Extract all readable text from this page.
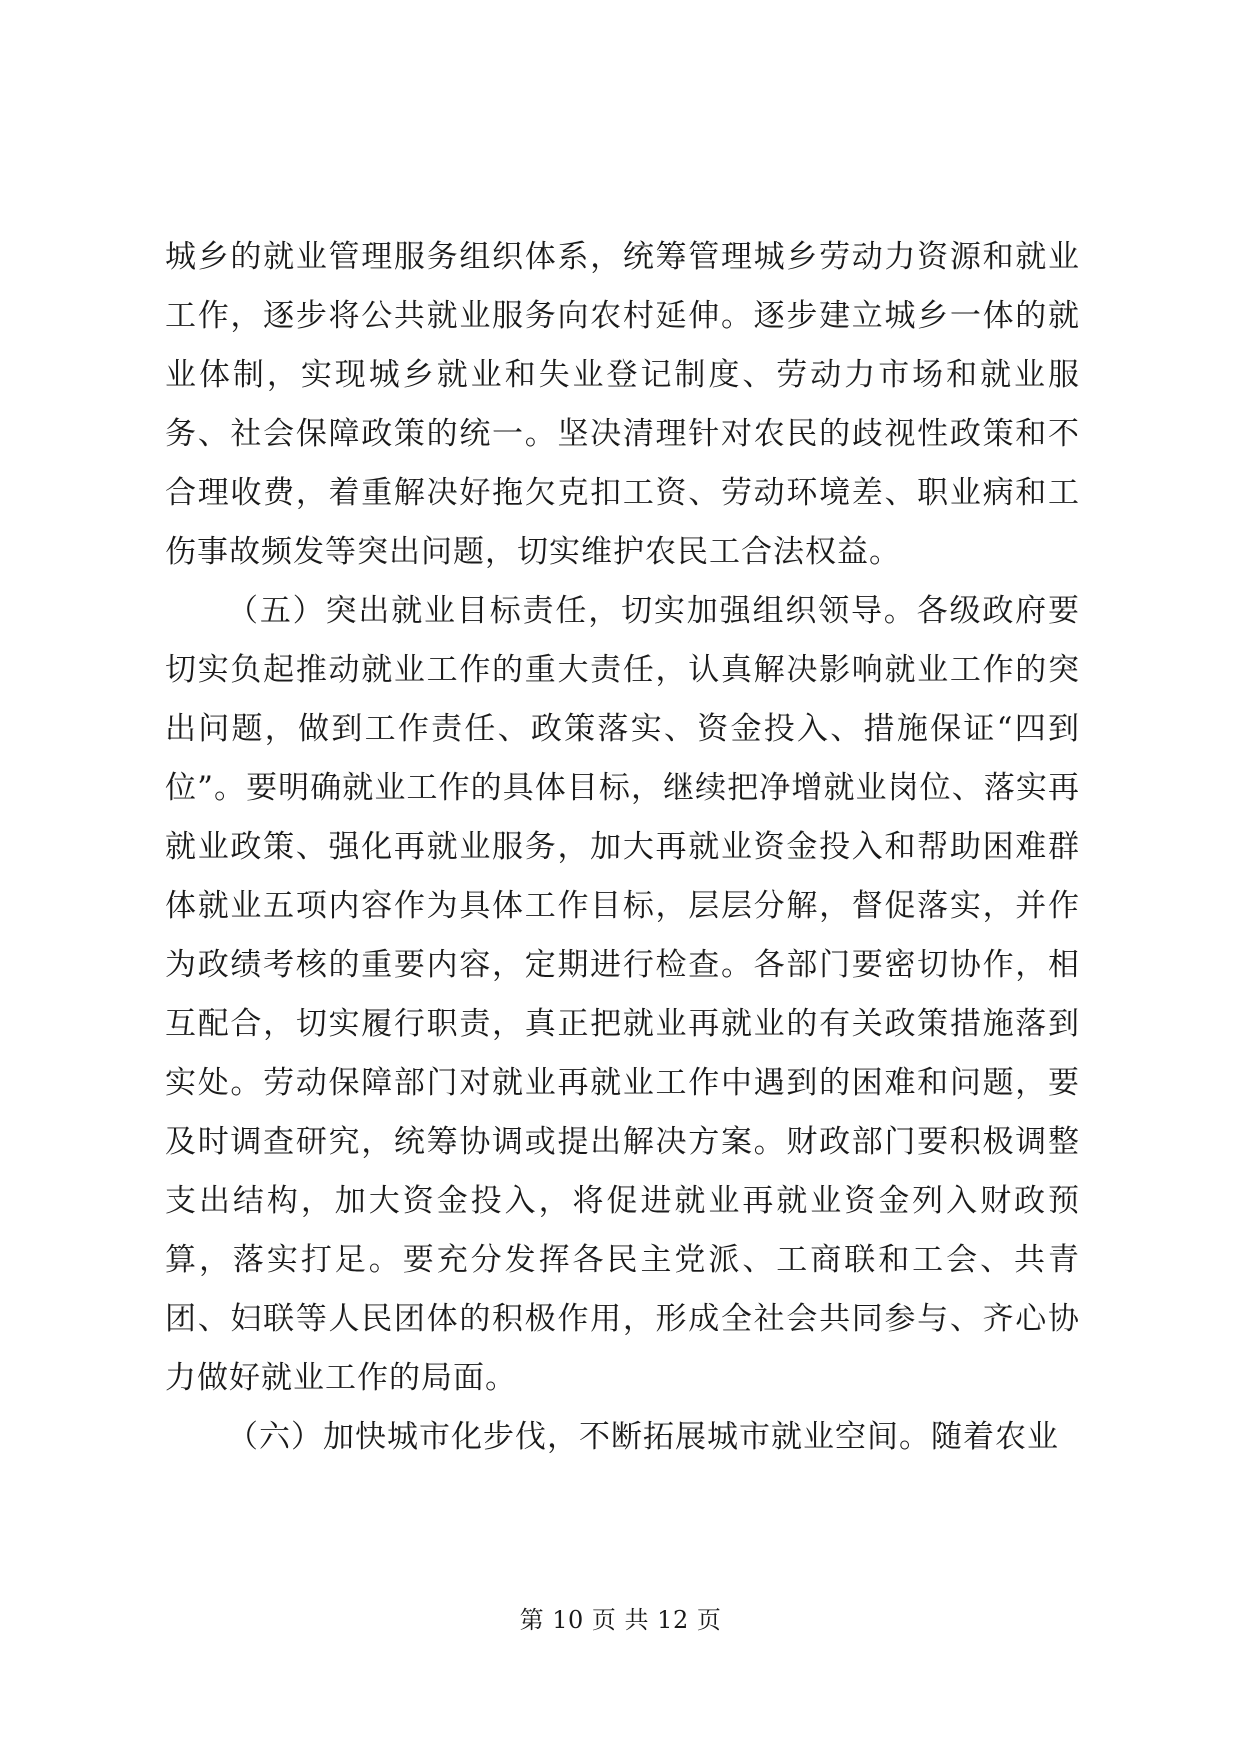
城乡的就业管理服务组织体系，统筹管理城乡劳动力资源和就业工作，逐步将公共就业服务向农村延伸。逐步建立城乡一体的就业体制，实现城乡就业和失业登记制度、劳动力市场和就业服务、社会保障政策的统一。坚决清理针对农民的歧视性政策和不合理收费，着重解决好拖欠克扣工资、劳动环境差、职业病和工伤事故频发等突出问题，切实维护农民工合法权益。

（五）突出就业目标责任，切实加强组织领导。各级政府要切实负起推动就业工作的重大责任，认真解决影响就业工作的突出问题，做到工作责任、政策落实、资金投入、措施保证“四到位”。要明确就业工作的具体目标，继续把净增就业岗位、落实再就业政策、强化再就业服务，加大再就业资金投入和帮助困难群体就业五项内容作为具体工作目标，层层分解，督促落实，并作为政绩考核的重要内容，定期进行检查。各部门要密切协作，相互配合，切实履行职责，真正把就业再就业的有关政策措施落到实处。劳动保障部门对就业再就业工作中遇到的困难和问题，要及时调查研究，统筹协调或提出解决方案。财政部门要积极调整支出结构，加大资金投入，将促进就业再就业资金列入财政预算，落实打足。要充分发挥各民主党派、工商联和工会、共青团、妇联等人民团体的积极作用，形成全社会共同参与、齐心协力做好就业工作的局面。

（六）加快城市化步伐，不断拓展城市就业空间。随着农业

第 10 页 共 12 页
